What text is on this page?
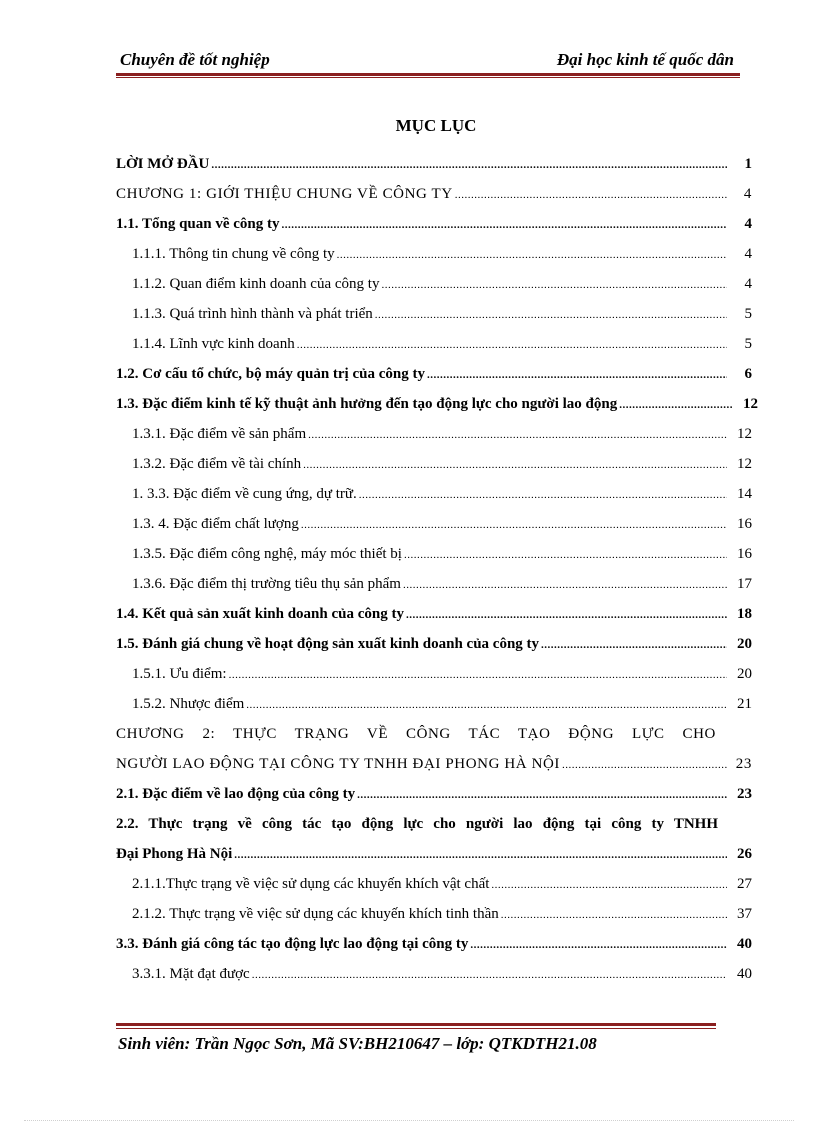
Chuyên đề tốt nghiệp	Đại học kinh tế quốc dân
MỤC LỤC
LỜI MỞ ĐẦU .....	1
CHƯƠNG 1: GIỚI THIỆU CHUNG VỀ CÔNG TY .....	4
1.1. Tổng quan về công ty .....	4
1.1.1. Thông tin chung về công ty .....	4
1.1.2. Quan điểm kinh doanh của công ty .....	4
1.1.3. Quá trình hình thành và phát triển .....	5
1.1.4. Lĩnh vực kinh doanh .....	5
1.2. Cơ cấu tổ chức, bộ máy quản trị của công ty .....	6
1.3. Đặc điểm kinh tế kỹ thuật ảnh hưởng đến tạo động lực cho người lao động .....	12
1.3.1. Đặc điểm về sản phẩm .....	12
1.3.2. Đặc điểm về tài chính .....	12
1. 3.3. Đặc điểm về cung ứng, dự trữ. .....	14
1.3. 4. Đặc điểm chất lượng .....	16
1.3.5. Đặc điểm công nghệ, máy móc thiết bị .....	16
1.3.6. Đặc điểm thị trường tiêu thụ sản phẩm .....	17
1.4. Kết quả sản xuất kinh doanh của công ty .....	18
1.5. Đánh giá chung về hoạt động sản xuất kinh doanh của công ty .....	20
1.5.1. Ưu điểm: .....	20
1.5.2. Nhược điểm .....	21
CHƯƠNG 2: THỰC TRẠNG VỀ CÔNG TÁC TẠO ĐỘNG LỰC CHO
NGƯỜI LAO ĐỘNG TẠI CÔNG TY TNHH ĐẠI PHONG HÀ NỘI .....	23
2.1. Đặc điểm về lao động của công ty .....	23
2.2. Thực trạng về công tác tạo động lực cho người lao động tại công ty TNHH
Đại Phong Hà Nội .....	26
2.1.1.Thực trạng về việc sử dụng các khuyến khích vật chất .....	27
2.1.2. Thực trạng về việc sử dụng các khuyến khích tinh thần .....	37
3.3. Đánh giá công tác tạo động lực lao động tại công ty .....	40
3.3.1. Mặt đạt được .....	40
Sinh viên: Trần Ngọc Sơn, Mã SV:BH210647 – lớp: QTKDTH21.08
